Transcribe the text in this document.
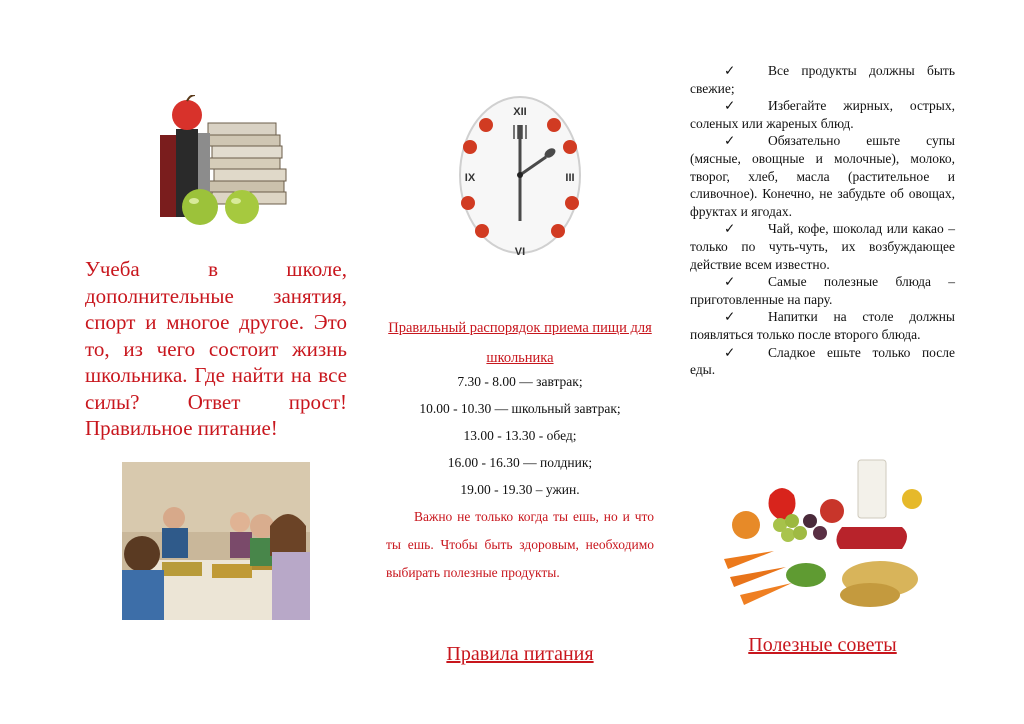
Учеба в школе, дополнительные занятия, спорт и многое другое. Это то, из чего состоит жизнь школьника. Где найти на все силы? Ответ прост! Правильное питание!

XII
III
VI
IX

Правильный распорядок приема пищи для школьника

7.30 - 8.00 — завтрак;
10.00 - 10.30 — школьный завтрак;
13.00 - 13.30 - обед;
16.00 - 16.30 — полдник;
19.00 - 19.30 – ужин.

Важно не только когда ты ешь, но и что ты ешь. Чтобы быть здоровым, необходимо выбирать полезные продукты.

Правила питания

✓ Все продукты должны быть свежие;
✓ Избегайте жирных, острых, соленых или жареных блюд.
✓ Обязательно ешьте супы (мясные, овощные и молочные), молоко, творог, хлеб, масла (растительное и сливочное). Конечно, не забудьте об овощах, фруктах и ягодах.
✓ Чай, кофе, шоколад или какао – только по чуть-чуть, их возбуждающее действие всем известно.
✓ Самые полезные блюда – приготовленные на пару.
✓ Напитки на столе должны появляться только после второго блюда.
✓ Сладкое ешьте только после еды.

Полезные советы
